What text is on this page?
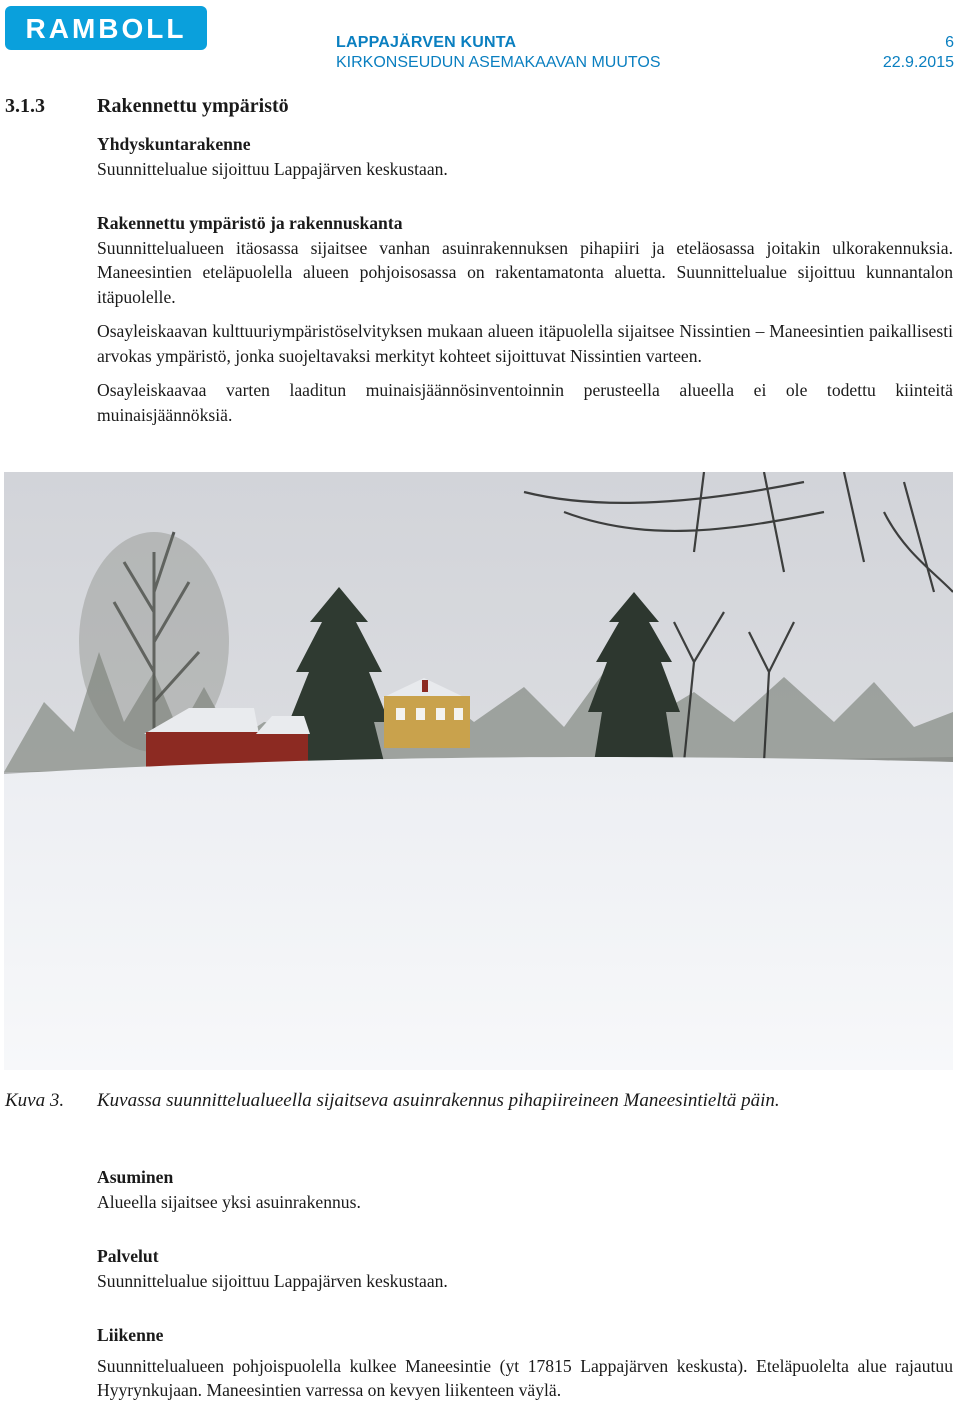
RAMBOLL	LAPPAJÄRVEN KUNTA
KIRKONSEUDUN ASEMAKAAVAN MUUTOS
6
22.9.2015
3.1.3	Rakennettu ympäristö
Yhdyskuntarakenne

Suunnittelualue sijoittuu Lappajärven keskustaan.

Rakennettu ympäristö ja rakennuskanta

Suunnittelualueen itäosassa sijaitsee vanhan asuinrakennuksen pihapiiri ja eteläosassa joitakin ulkorakennuksia. Maneesintien eteläpuolella alueen pohjoisosassa on rakentamatonta aluetta. Suunnittelualue sijoittuu kunnantalon itäpuolelle.

Osayleiskaavan kulttuuriympäristöselvityksen mukaan alueen itäpuolella sijaitsee Nissintien – Maneesintien paikallisesti arvokas ympäristö, jonka suojeltavaksi merkityt kohteet sijoittuvat Nissintien varteen.

Osayleiskaavaa varten laaditun muinaisjäännösinventoinnin perusteella alueella ei ole todettu kiinteitä muinaisjäännöksiä.

Kuva 3. Kuvassa suunnittelualueella sijaitseva asuinrakennus pihapiireineen Maneesintieltä päin.
Asuminen

Alueella sijaitsee yksi asuinrakennus.

Palvelut

Suunnittelualue sijoittuu Lappajärven keskustaan.

Liikenne

Suunnittelualueen pohjoispuolella kulkee Maneesintie (yt 17815 Lappajärven keskusta). Eteläpuolelta alue rajautuu Hyyrynkujaan. Maneesintien varressa on kevyen liikenteen väylä.
